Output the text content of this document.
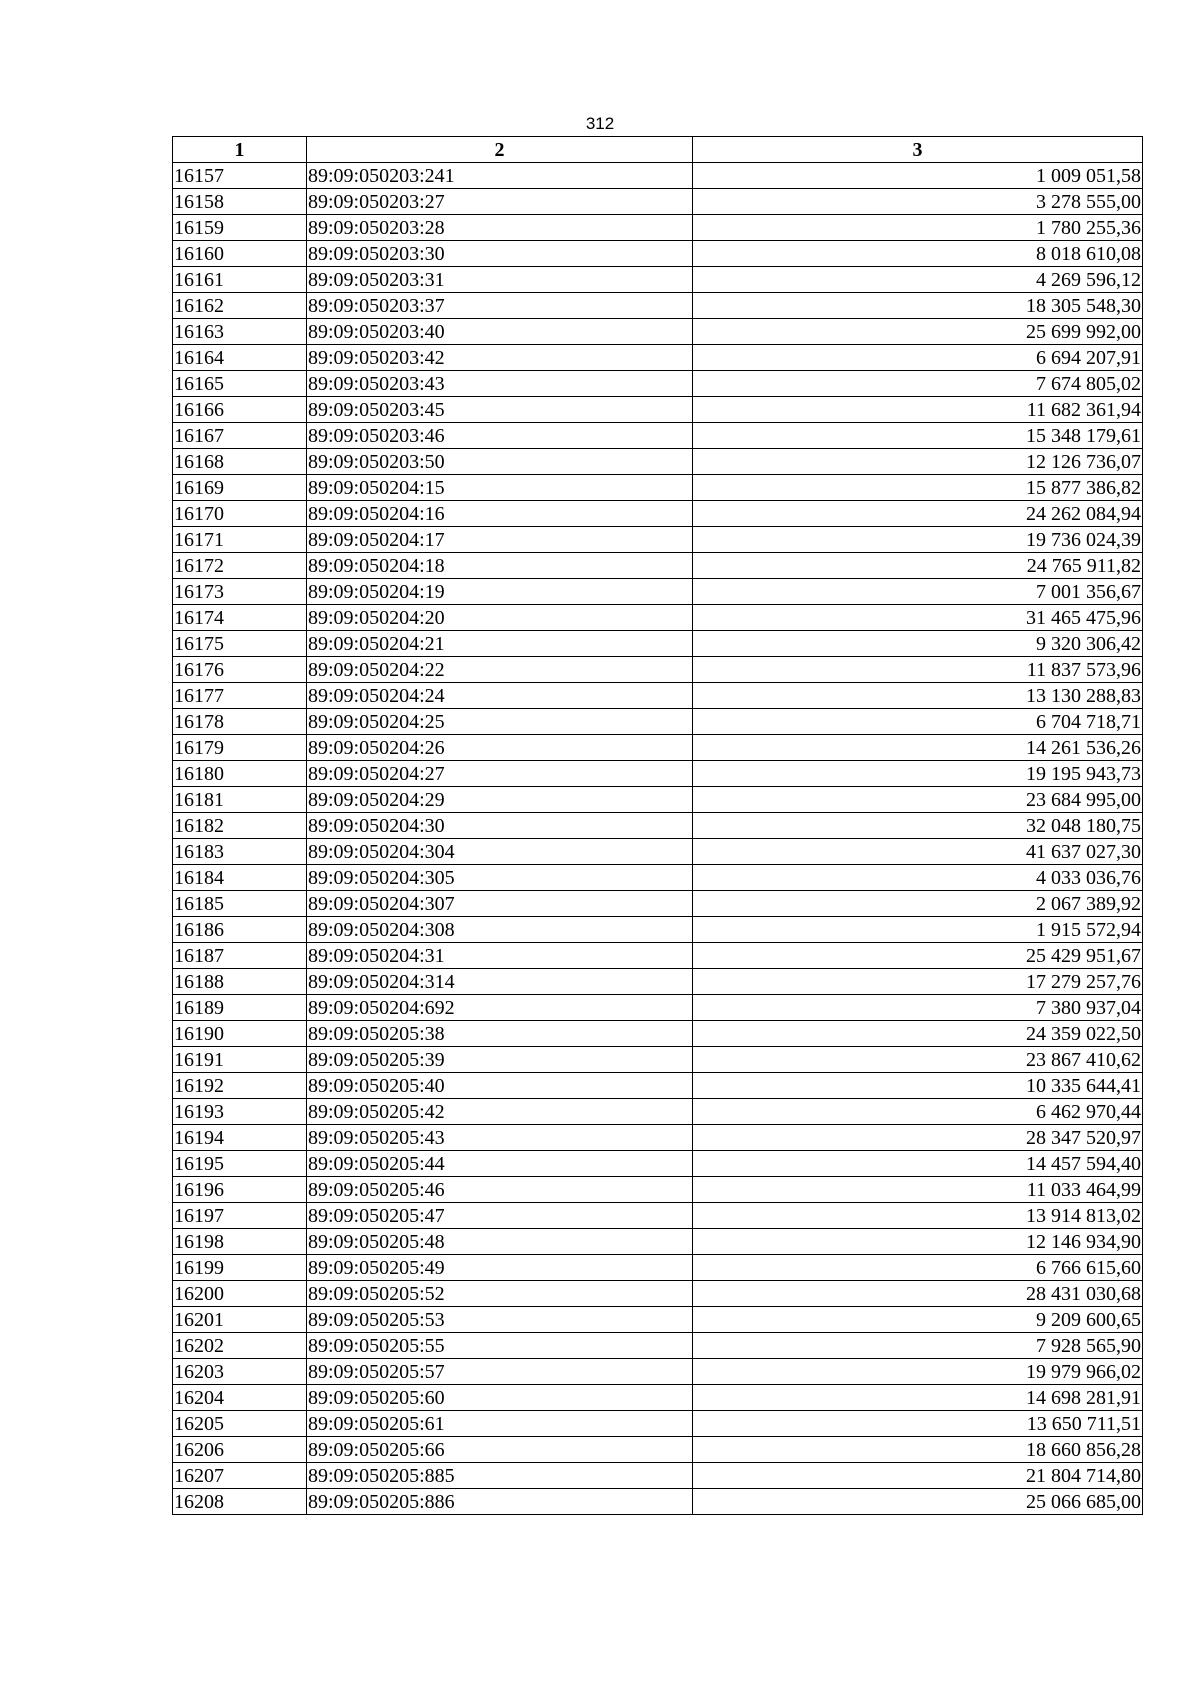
312
1	2	3
16157	89:09:050203:241	1 009 051,58
16158	89:09:050203:27	3 278 555,00
16159	89:09:050203:28	1 780 255,36
16160	89:09:050203:30	8 018 610,08
16161	89:09:050203:31	4 269 596,12
16162	89:09:050203:37	18 305 548,30
16163	89:09:050203:40	25 699 992,00
16164	89:09:050203:42	6 694 207,91
16165	89:09:050203:43	7 674 805,02
16166	89:09:050203:45	11 682 361,94
16167	89:09:050203:46	15 348 179,61
16168	89:09:050203:50	12 126 736,07
16169	89:09:050204:15	15 877 386,82
16170	89:09:050204:16	24 262 084,94
16171	89:09:050204:17	19 736 024,39
16172	89:09:050204:18	24 765 911,82
16173	89:09:050204:19	7 001 356,67
16174	89:09:050204:20	31 465 475,96
16175	89:09:050204:21	9 320 306,42
16176	89:09:050204:22	11 837 573,96
16177	89:09:050204:24	13 130 288,83
16178	89:09:050204:25	6 704 718,71
16179	89:09:050204:26	14 261 536,26
16180	89:09:050204:27	19 195 943,73
16181	89:09:050204:29	23 684 995,00
16182	89:09:050204:30	32 048 180,75
16183	89:09:050204:304	41 637 027,30
16184	89:09:050204:305	4 033 036,76
16185	89:09:050204:307	2 067 389,92
16186	89:09:050204:308	1 915 572,94
16187	89:09:050204:31	25 429 951,67
16188	89:09:050204:314	17 279 257,76
16189	89:09:050204:692	7 380 937,04
16190	89:09:050205:38	24 359 022,50
16191	89:09:050205:39	23 867 410,62
16192	89:09:050205:40	10 335 644,41
16193	89:09:050205:42	6 462 970,44
16194	89:09:050205:43	28 347 520,97
16195	89:09:050205:44	14 457 594,40
16196	89:09:050205:46	11 033 464,99
16197	89:09:050205:47	13 914 813,02
16198	89:09:050205:48	12 146 934,90
16199	89:09:050205:49	6 766 615,60
16200	89:09:050205:52	28 431 030,68
16201	89:09:050205:53	9 209 600,65
16202	89:09:050205:55	7 928 565,90
16203	89:09:050205:57	19 979 966,02
16204	89:09:050205:60	14 698 281,91
16205	89:09:050205:61	13 650 711,51
16206	89:09:050205:66	18 660 856,28
16207	89:09:050205:885	21 804 714,80
16208	89:09:050205:886	25 066 685,00
